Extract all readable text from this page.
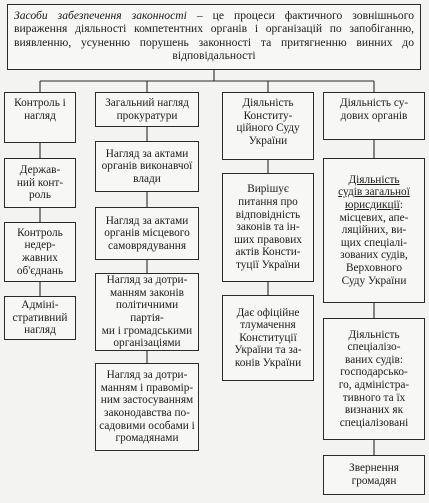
Засоби забезпечення законності – це процеси фактичного зовнішнього вираження діяльності компетентних органів і організацій по запобіганню, виявленню, усуненню порушень законності та притягненню винних до відповідальності
Контроль і
нагляд
Держав-
ний конт-
роль
Контроль
недер-
жавних
об'єднань
Адміні-
стративний
нагляд
Загальний нагляд
прокуратури
Нагляд за актами
органів виконавчої
влади
Нагляд за актами
органів місцевого
самоврядування
Нагляд за дотри-
манням законів
політичними партія-
ми і громадськими
організаціями
Нагляд за дотри-
манням і правомір-
ним застосуванням
законодавства по-
садовими особами і
громадянами
Діяльність
Конститу-
ційного Суду
України
Вирішує
питання про
відповідність
законів та ін-
ших правових
актів Консти-
туції України
Дає офіційне
тлумачення
Конституції
України та за-
конів України
Діяльність су-
дових органів
Діяльність
судів загальної
юрисдикції: місцевих, апе-
ляційних, ви-
щих спеціалі-
зованих судів,
Верховного
Суду України
Діяльність
спеціалізо-
ваних судів:
господарсько-
го, адміністра-
тивного та їх
визнаних як
спеціалізовані
Звернення
громадян
